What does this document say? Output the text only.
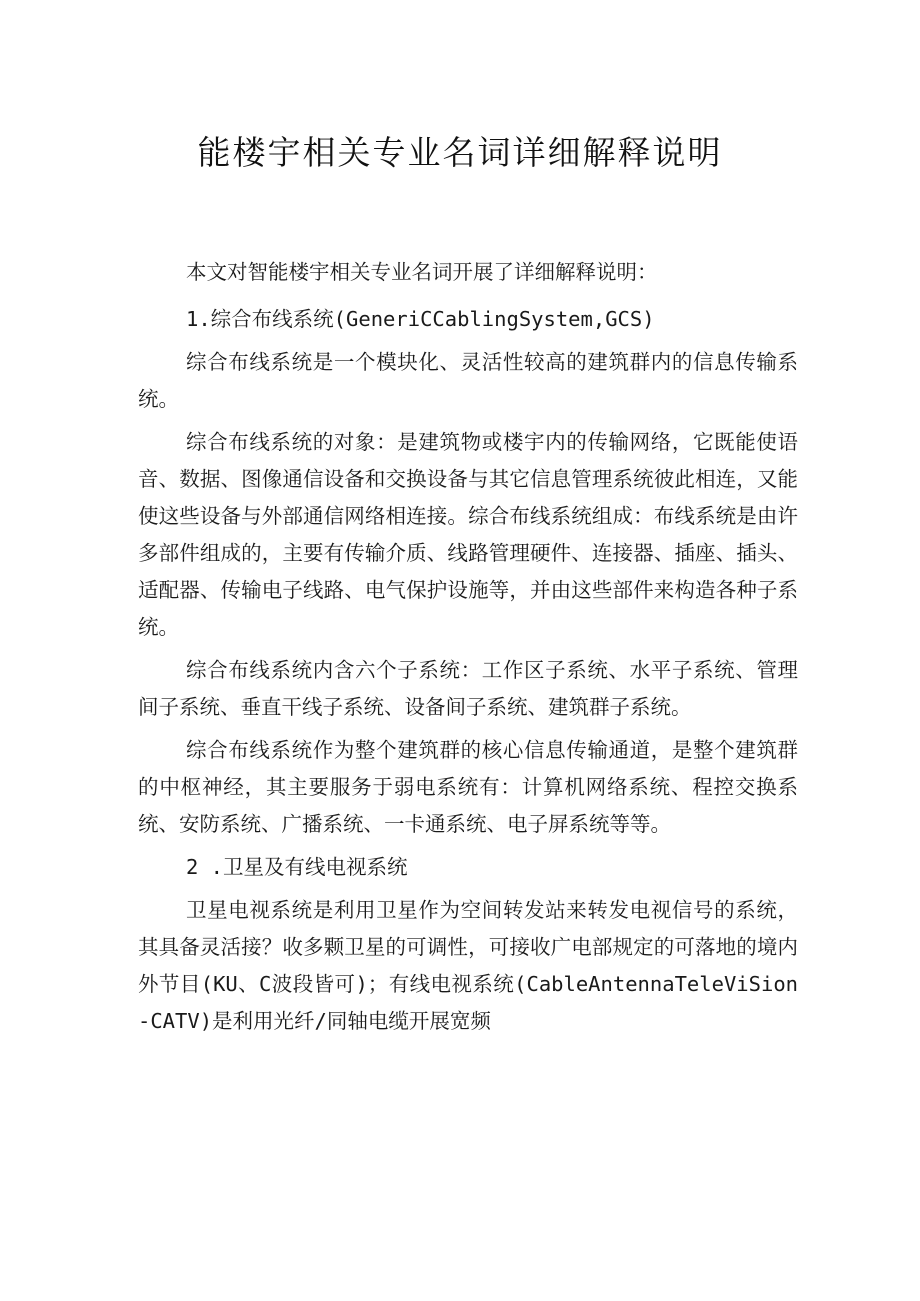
能楼宇相关专业名词详细解释说明

本文对智能楼宇相关专业名词开展了详细解释说明：

1.综合布线系统(GeneriCCablingSystem,GCS)

综合布线系统是一个模块化、灵活性较高的建筑群内的信息传输系统。

综合布线系统的对象：是建筑物或楼宇内的传输网络，它既能使语音、数据、图像通信设备和交换设备与其它信息管理系统彼此相连，又能使这些设备与外部通信网络相连接。综合布线系统组成：布线系统是由许多部件组成的，主要有传输介质、线路管理硬件、连接器、插座、插头、适配器、传输电子线路、电气保护设施等，并由这些部件来构造各种子系统。

综合布线系统内含六个子系统：工作区子系统、水平子系统、管理间子系统、垂直干线子系统、设备间子系统、建筑群子系统。

综合布线系统作为整个建筑群的核心信息传输通道，是整个建筑群的中枢神经，其主要服务于弱电系统有：计算机网络系统、程控交换系统、安防系统、广播系统、一卡通系统、电子屏系统等等。

2 .卫星及有线电视系统

卫星电视系统是利用卫星作为空间转发站来转发电视信号的系统，其具备灵活接？收多颗卫星的可调性，可接收广电部规定的可落地的境内外节目(KU、C波段皆可)；有线电视系统(CableAntennaTeleViSion-CATV)是利用光纤/同轴电缆开展宽频
